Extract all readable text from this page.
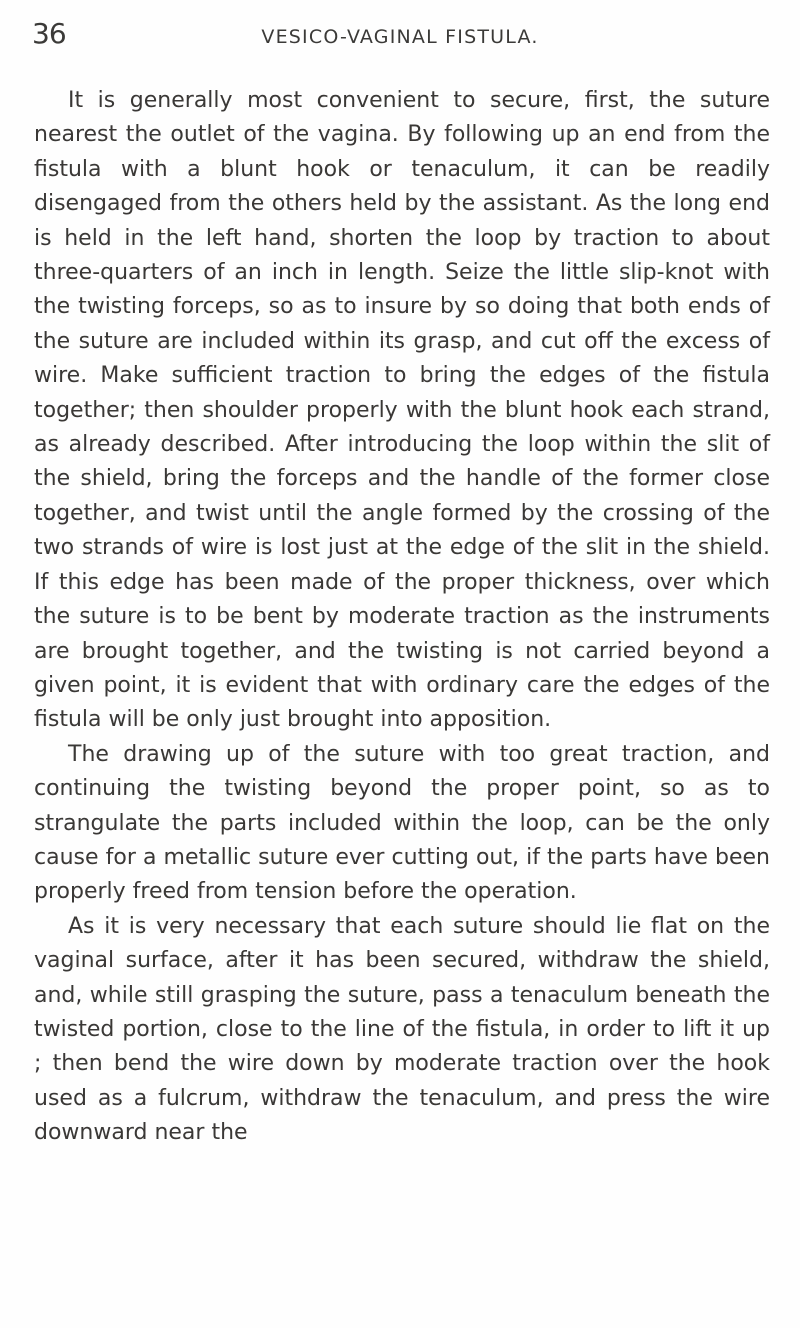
36	VESICO-VAGINAL FISTULA.

It is generally most convenient to secure, first, the suture nearest the outlet of the vagina. By following up an end from the fistula with a blunt hook or tenaculum, it can be readily disengaged from the others held by the assistant. As the long end is held in the left hand, shorten the loop by traction to about three-quarters of an inch in length. Seize the little slip-knot with the twisting forceps, so as to insure by so doing that both ends of the suture are included within its grasp, and cut off the excess of wire. Make sufficient traction to bring the edges of the fistula together; then shoulder properly with the blunt hook each strand, as already described. After introducing the loop within the slit of the shield, bring the forceps and the handle of the former close together, and twist until the angle formed by the crossing of the two strands of wire is lost just at the edge of the slit in the shield. If this edge has been made of the proper thickness, over which the suture is to be bent by moderate traction as the instruments are brought together, and the twisting is not carried beyond a given point, it is evident that with ordinary care the edges of the fistula will be only just brought into apposition.

The drawing up of the suture with too great traction, and continuing the twisting beyond the proper point, so as to strangulate the parts included within the loop, can be the only cause for a metallic suture ever cutting out, if the parts have been properly freed from tension before the operation.

As it is very necessary that each suture should lie flat on the vaginal surface, after it has been secured, withdraw the shield, and, while still grasping the suture, pass a tenaculum beneath the twisted portion, close to the line of the fistula, in order to lift it up ; then bend the wire down by moderate traction over the hook used as a fulcrum, withdraw the tenaculum, and press the wire downward near the
